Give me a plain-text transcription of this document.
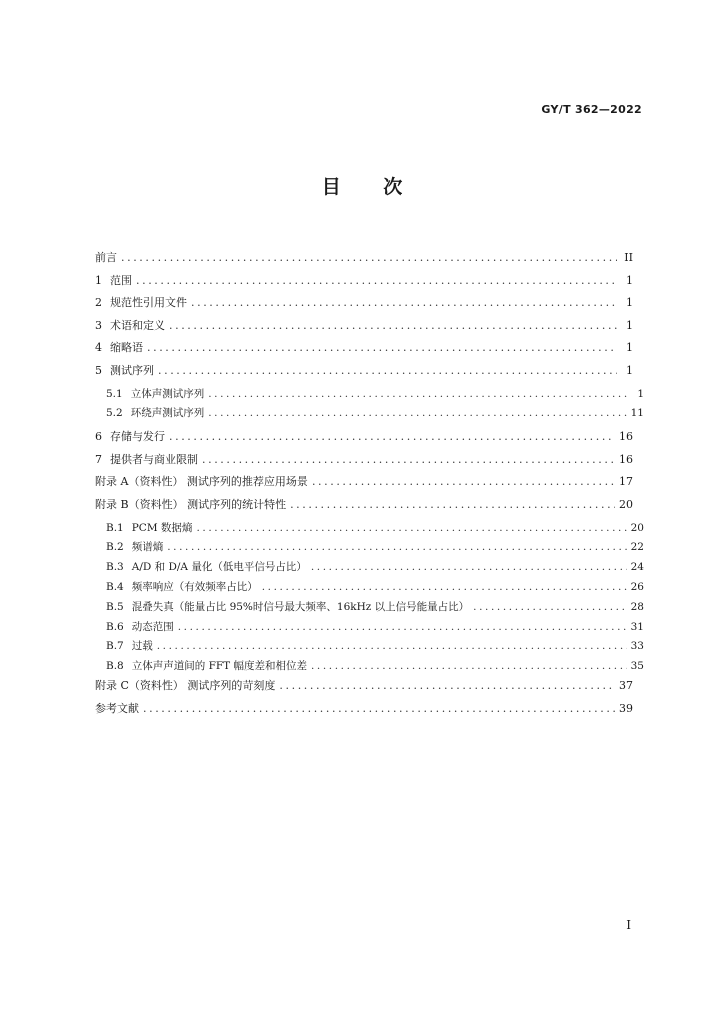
GY/T 362—2022
目 次
前言 .....	II
1 范围 .....	1
2 规范性引用文件 .....	1
3 术语和定义 .....	1
4 缩略语 .....	1
5 测试序列 .....	1
5.1 立体声测试序列 .....	1
5.2 环绕声测试序列 .....	11
6 存储与发行 .....	16
7 提供者与商业限制 .....	16
附录 A（资料性） 测试序列的推荐应用场景 .....	17
附录 B（资料性） 测试序列的统计特性 .....	20
B.1 PCM 数据熵 .....	20
B.2 频谱熵 .....	22
B.3 A/D 和 D/A 量化（低电平信号占比） .....	24
B.4 频率响应（有效频率占比） .....	26
B.5 混叠失真（能量占比 95%时信号最大频率、16kHz 以上信号能量占比） .....	28
B.6 动态范围 .....	31
B.7 过载 .....	33
B.8 立体声声道间的 FFT 幅度差和相位差 .....	35
附录 C（资料性） 测试序列的苛刻度 .....	37
参考文献 .....	39
I
